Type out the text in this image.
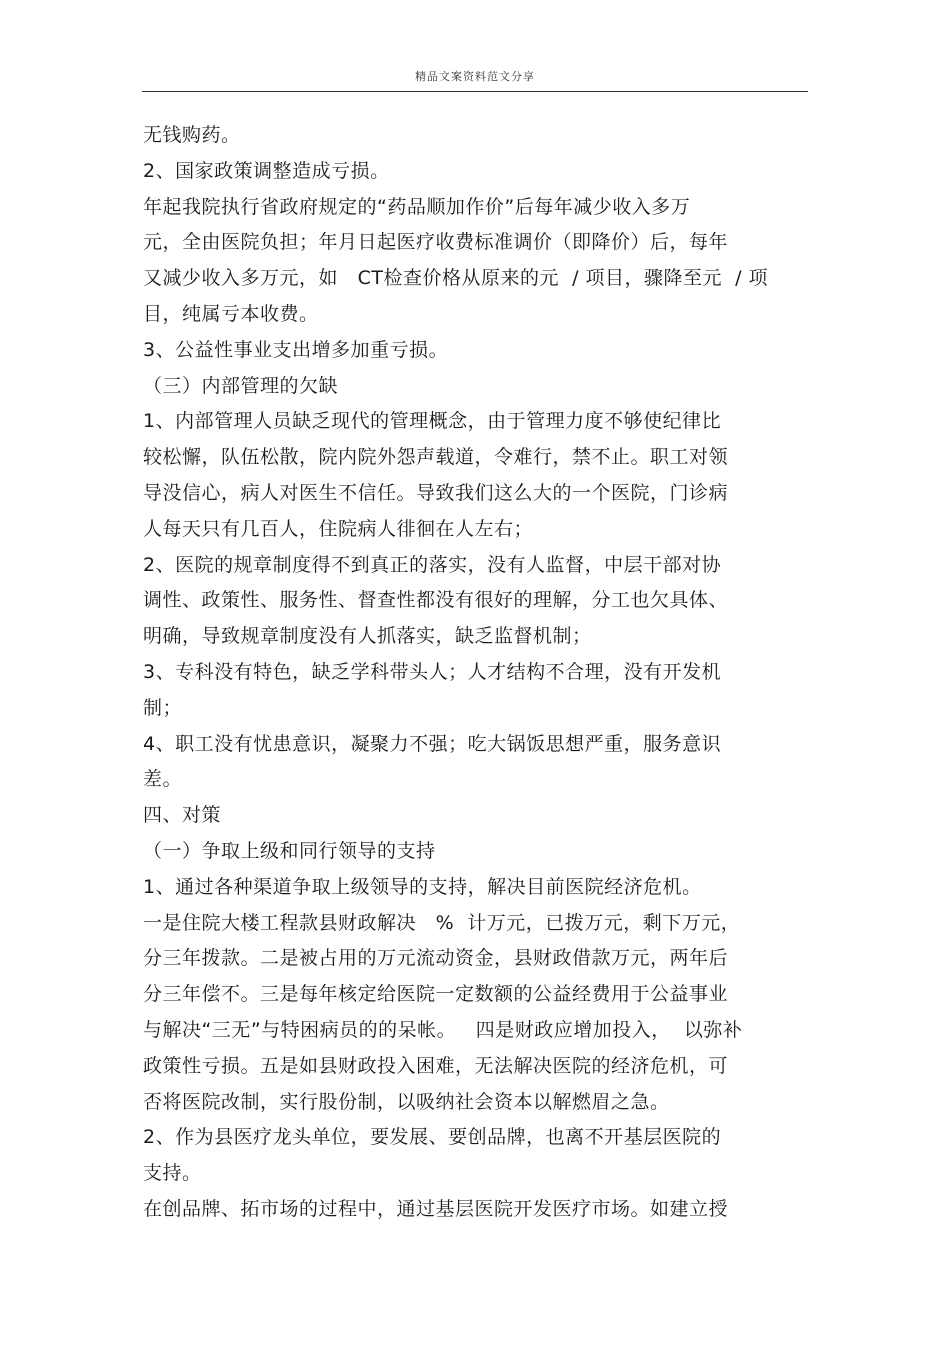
精品文案资料范文分享
无钱购药。
2、国家政策调整造成亏损。
年起我院执行省政府规定的“药品顺加作价”后每年减少收入多万
元，全由医院负担；年月日起医疗收费标准调价（即降价）后，每年
又减少收入多万元，如   CT检查价格从原来的元  / 项目，骤降至元  / 项
目，纯属亏本收费。
3、公益性事业支出增多加重亏损。
（三）内部管理的欠缺
1、内部管理人员缺乏现代的管理概念，由于管理力度不够使纪律比
较松懈，队伍松散，院内院外怨声载道，令难行，禁不止。职工对领
导没信心，病人对医生不信任。导致我们这么大的一个医院，门诊病
人每天只有几百人，住院病人徘徊在人左右；
2、医院的规章制度得不到真正的落实，没有人监督，中层干部对协
调性、政策性、服务性、督查性都没有很好的理解，分工也欠具体、
明确，导致规章制度没有人抓落实，缺乏监督机制；
3、专科没有特色，缺乏学科带头人；人才结构不合理，没有开发机
制；
4、职工没有忧患意识，凝聚力不强；吃大锅饭思想严重，服务意识
差。
四、对策
（一）争取上级和同行领导的支持
1、通过各种渠道争取上级领导的支持，解决目前医院经济危机。
一是住院大楼工程款县财政解决   %  计万元，已拨万元，剩下万元，
分三年拨款。二是被占用的万元流动资金，县财政借款万元，两年后
分三年偿不。三是每年核定给医院一定数额的公益经费用于公益事业
与解决“三无”与特困病员的的呆帐。   四是财政应增加投入，  以弥补
政策性亏损。五是如县财政投入困难，无法解决医院的经济危机，可
否将医院改制，实行股份制，以吸纳社会资本以解燃眉之急。
2、作为县医疗龙头单位，要发展、要创品牌，也离不开基层医院的
支持。
在创品牌、拓市场的过程中，通过基层医院开发医疗市场。如建立授
